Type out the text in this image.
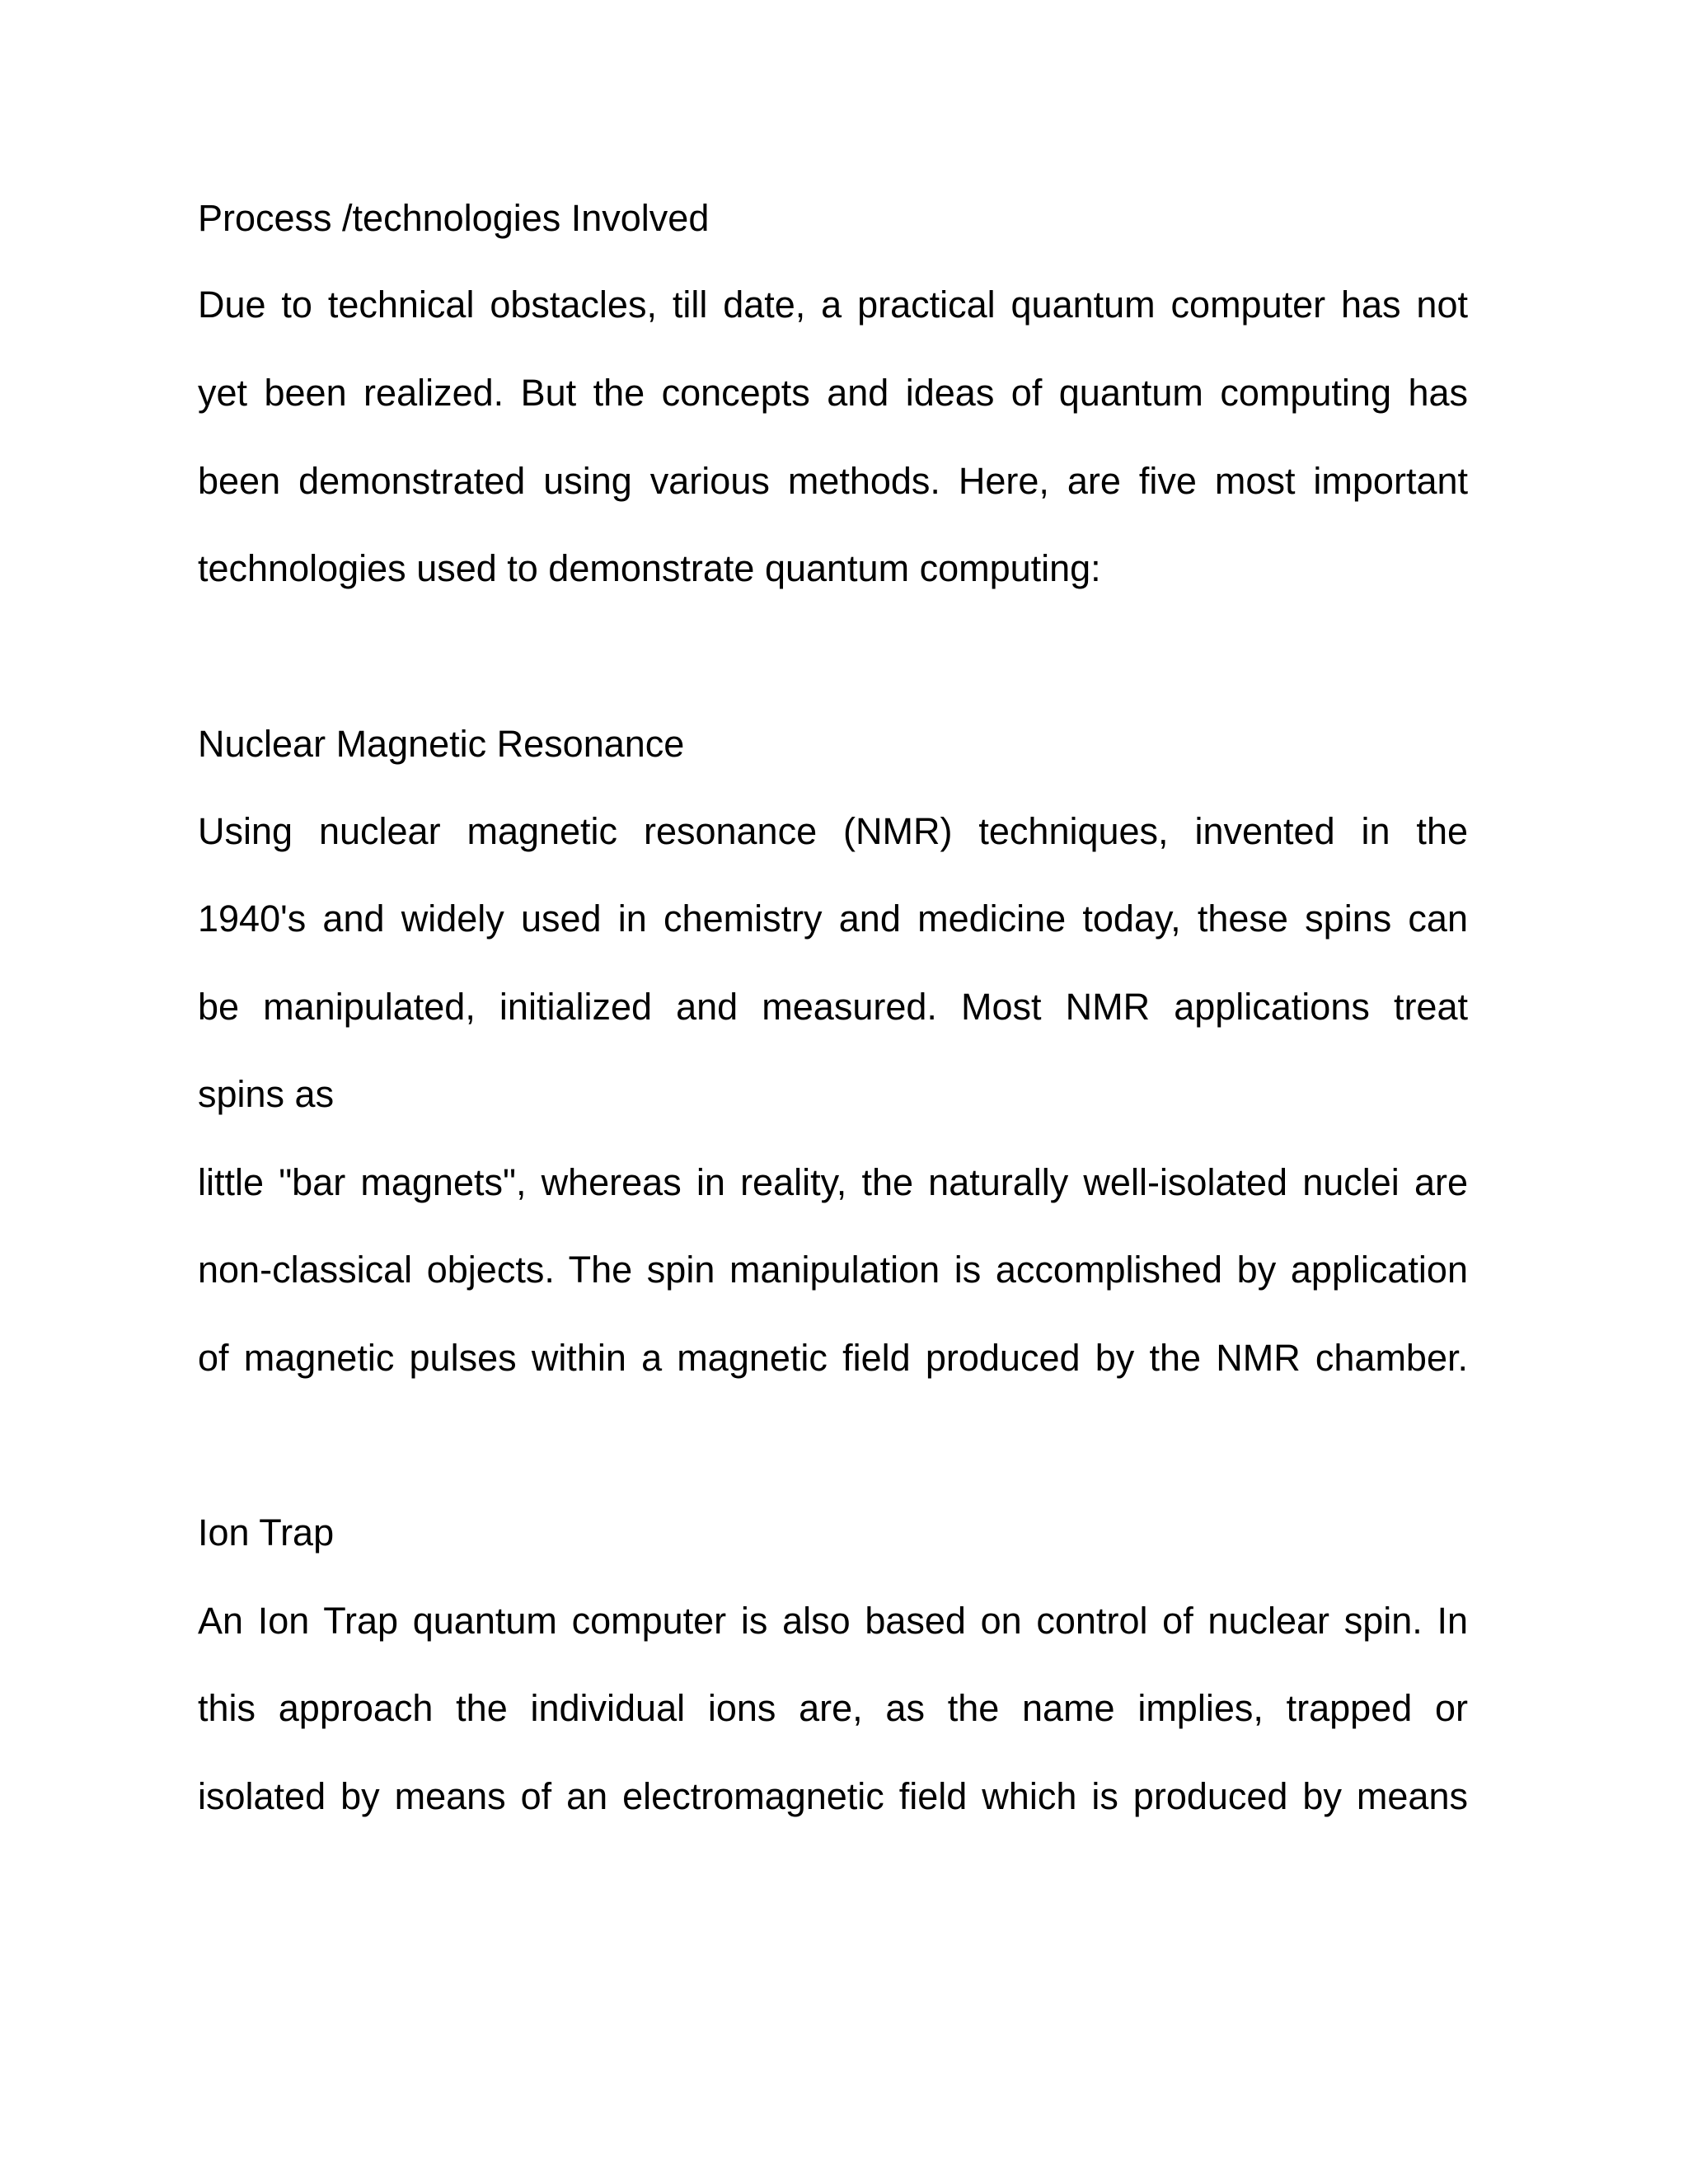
Process /technologies Involved

Due to technical obstacles, till date, a practical quantum computer has not

yet been realized. But the concepts and ideas of quantum computing has

been demonstrated using various methods. Here, are five most important

technologies used to demonstrate quantum computing:

Nuclear Magnetic Resonance

Using nuclear magnetic resonance (NMR) techniques, invented in the

1940's and widely used in chemistry and medicine today, these spins can

be manipulated, initialized and measured. Most NMR applications treat

spins as

little "bar magnets", whereas in reality, the naturally well-isolated nuclei are

non-classical objects. The spin manipulation is accomplished by application

of magnetic pulses within a magnetic field produced by the NMR chamber.

Ion Trap

An Ion Trap quantum computer is also based on control of nuclear spin. In

this approach the individual ions are, as the name implies, trapped or

isolated by means of an electromagnetic field which is produced by means
